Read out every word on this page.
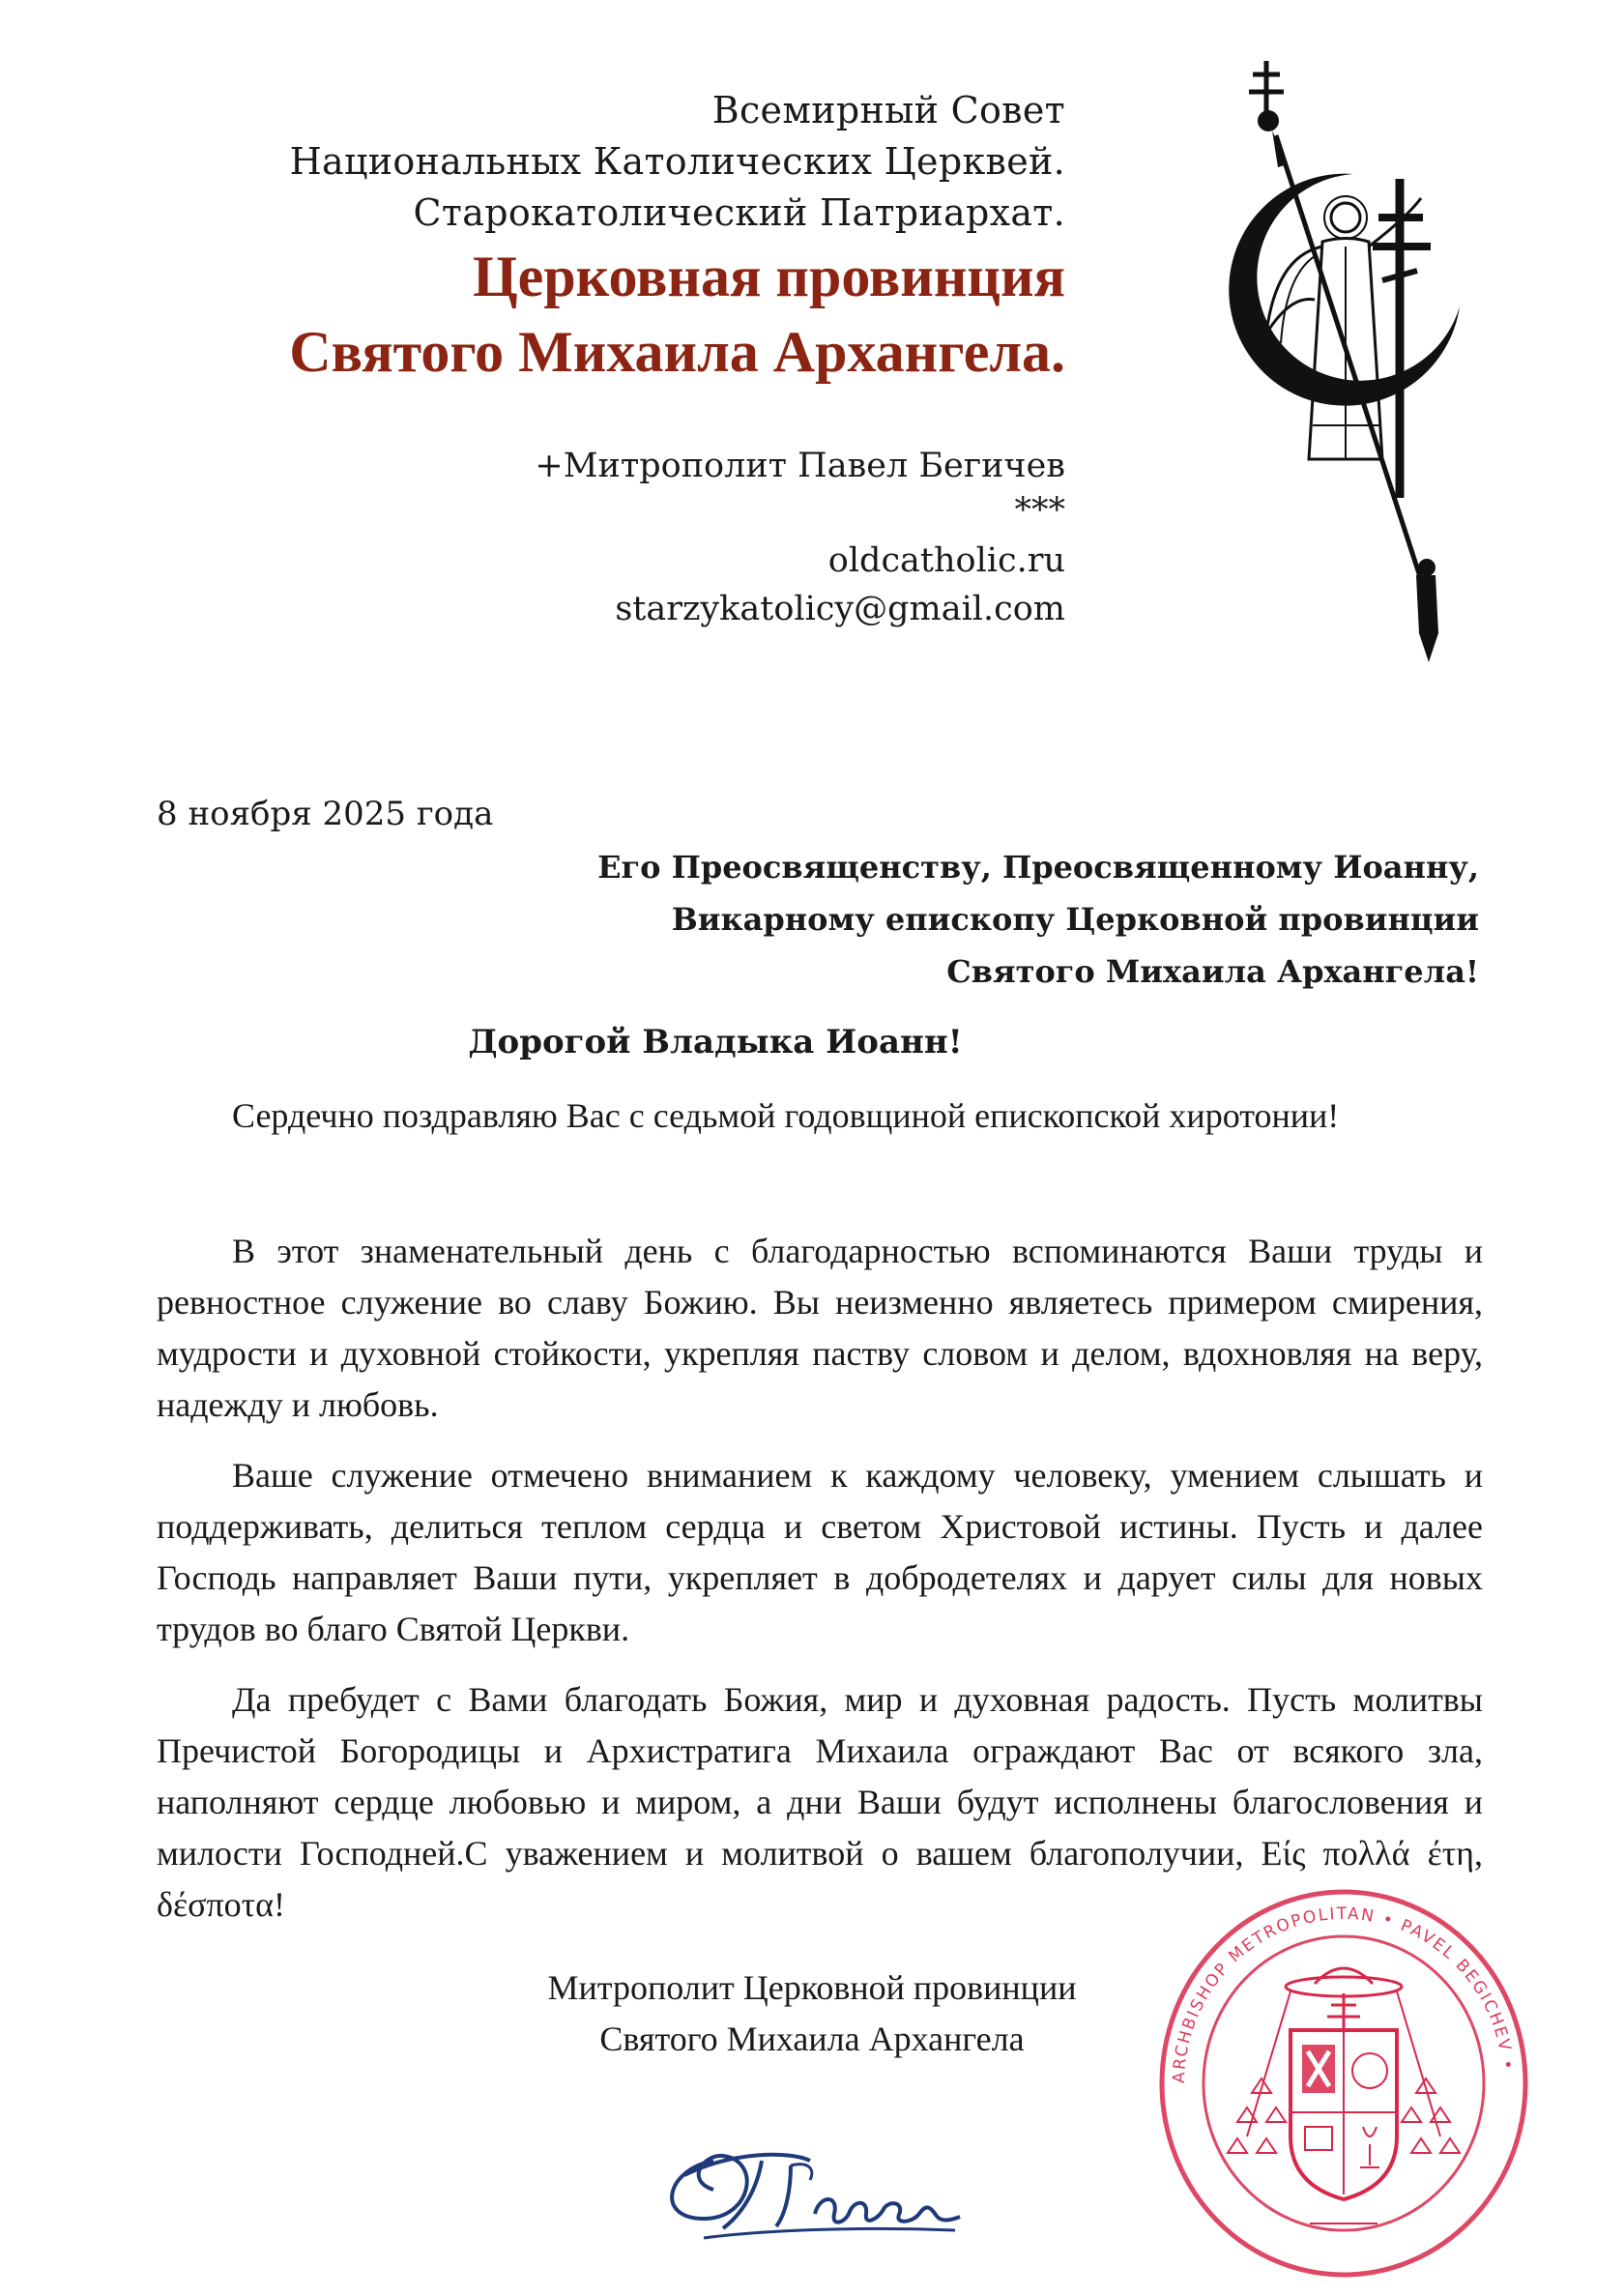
Всемирный Совет
Национальных Католических Церквей.
Старокатолический Патриархат.
Церковная провинция
Святого Михаила Архангела.
+Митрополит Павел Бегичев
***
oldcatholic.ru
starzykatolicy@gmail.com
8 ноября 2025 года
Его Преосвященству, Преосвященному Иоанну,
Викарному епископу Церковной провинции
Святого Михаила Архангела!
Дорогой Владыка Иоанн!
Сердечно поздравляю Вас с седьмой годовщиной епископской хиротонии!
В этот знаменательный день с благодарностью вспоминаются Ваши труды и ревностное служение во славу Божию. Вы неизменно являетесь примером смирения, мудрости и духовной стойкости, укрепляя паству словом и делом, вдохновляя на веру, надежду и любовь.
Ваше служение отмечено вниманием к каждому человеку, умением слышать и поддерживать, делиться теплом сердца и светом Христовой истины. Пусть и далее Господь направляет Ваши пути, укрепляет в добродетелях и дарует силы для новых трудов во благо Святой Церкви.
Да пребудет с Вами благодать Божия, мир и духовная радость. Пусть молитвы Пречистой Богородицы и Архистратига Михаила ограждают Вас от всякого зла, наполняют сердце любовью и миром, а дни Ваши будут исполнены благословения и милости Господней.С уважением и молитвой о вашем благополучии, Είς πολλά έτη, δέσποτα!
Митрополит Церковной провинции
Святого Михаила Архангела
ARCHBISHOP METROPOLITAN • PAVEL BEGICHEV •
